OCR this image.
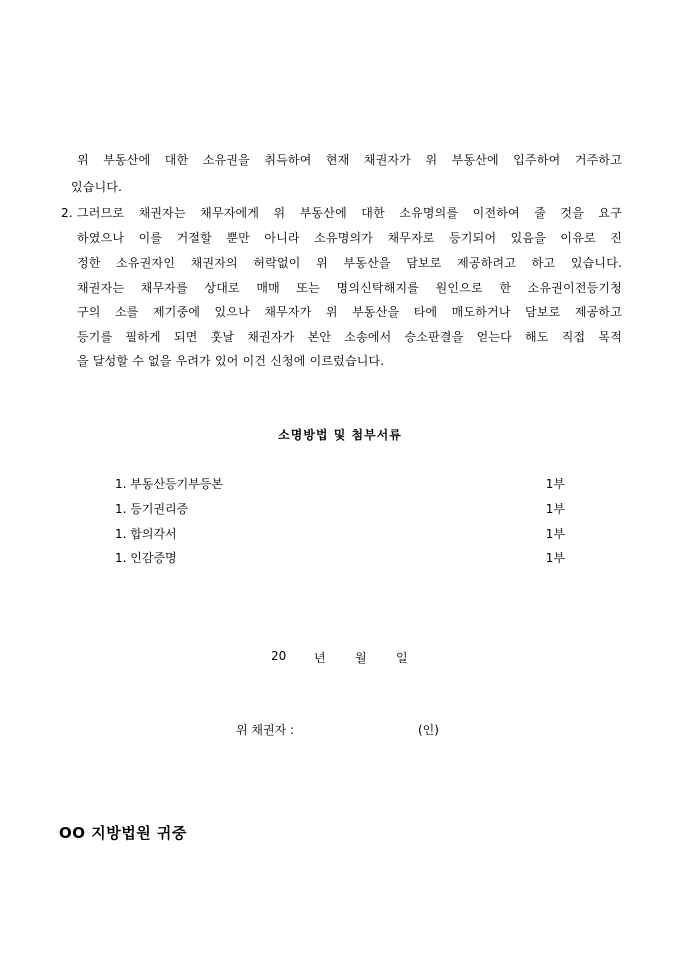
위 부동산에 대한 소유권을 취득하여 현재 채권자가 위 부동산에 입주하여 거주하고
있습니다.
2. 그러므로 채권자는 채무자에게 위 부동산에 대한 소유명의를 이전하여 줄 것을 요구
하였으나 이를 거절할 뿐만 아니라 소유명의가 채무자로 등기되어 있음을 이유로 진
정한 소유권자인 채권자의 허락없이 위 부동산을 담보로 제공하려고 하고 있습니다.
채권자는 채무자를 상대로 매매 또는 명의신탁해지를 원인으로 한 소유권이전등기청
구의 소를 제기중에 있으나 채무자가 위 부동산을 타에 매도하거나 담보로 제공하고
등기를 필하게 되면 훗날 채권자가 본안 소송에서 승소판결을 얻는다 해도 직접 목적
을 달성할 수 없을 우려가 있어 이건 신청에 이르렀습니다.
소명방법 및 첨부서류
1. 부동산등기부등본	1부
1. 등기권리증	1부
1. 합의각서	1부
1. 인감증명	1부
20 년 월 일
위 채권자 :	(인)
OO 지방법원 귀중
